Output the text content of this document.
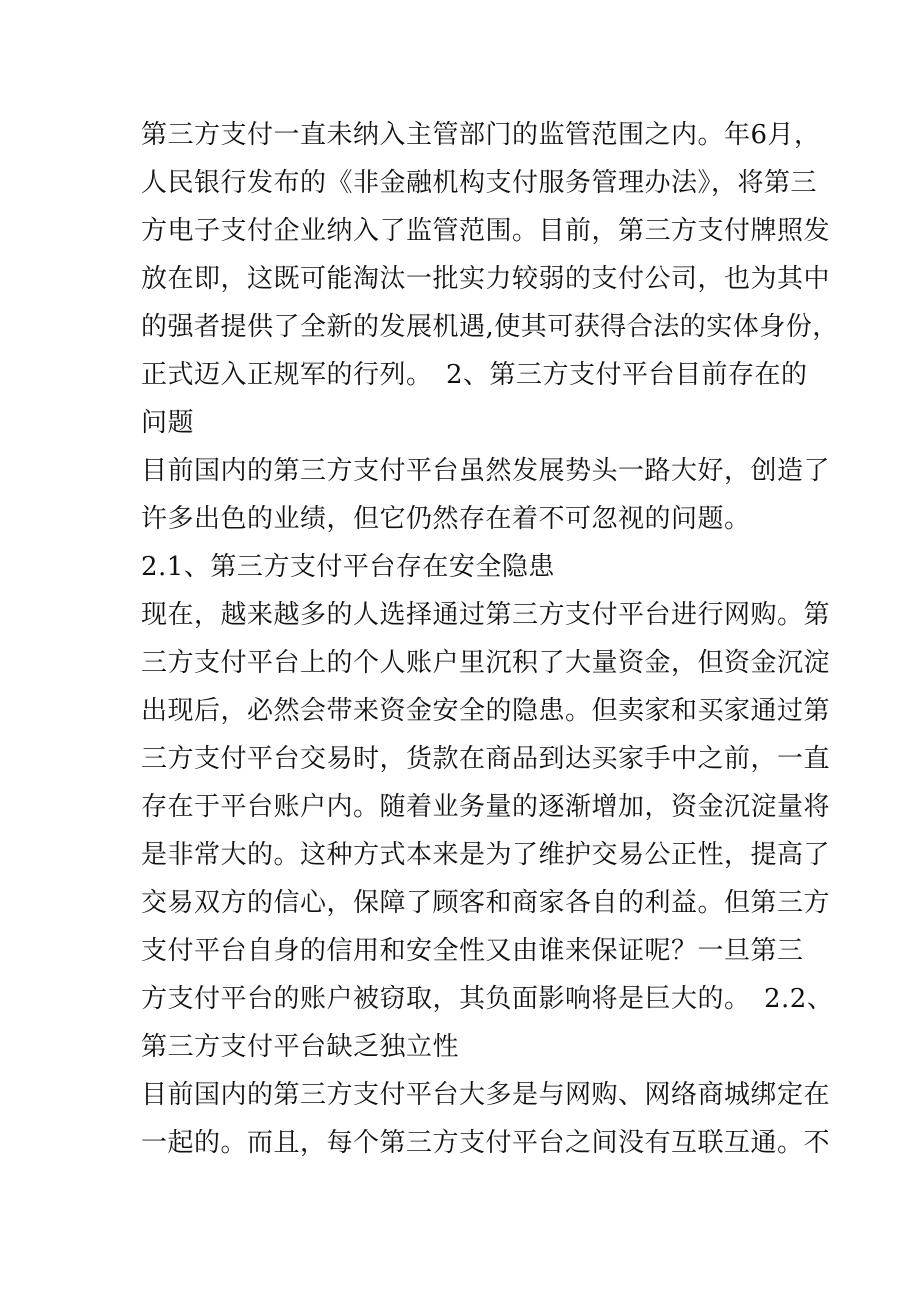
第三方支付一直未纳入主管部门的监管范围之内。年6月，
人民银行发布的《非金融机构支付服务管理办法》，将第三
方电子支付企业纳入了监管范围。目前，第三方支付牌照发
放在即，这既可能淘汰一批实力较弱的支付公司，也为其中
的强者提供了全新的发展机遇,使其可获得合法的实体身份，
正式迈入正规军的行列。　2、第三方支付平台目前存在的
问题
目前国内的第三方支付平台虽然发展势头一路大好，创造了
许多出色的业绩，但它仍然存在着不可忽视的问题。
2.1、第三方支付平台存在安全隐患
现在，越来越多的人选择通过第三方支付平台进行网购。第
三方支付平台上的个人账户里沉积了大量资金，但资金沉淀
出现后，必然会带来资金安全的隐患。但卖家和买家通过第
三方支付平台交易时，货款在商品到达买家手中之前，一直
存在于平台账户内。随着业务量的逐渐增加，资金沉淀量将
是非常大的。这种方式本来是为了维护交易公正性，提高了
交易双方的信心，保障了顾客和商家各自的利益。但第三方
支付平台自身的信用和安全性又由谁来保证呢？一旦第三
方支付平台的账户被窃取，其负面影响将是巨大的。　2.2、
第三方支付平台缺乏独立性
目前国内的第三方支付平台大多是与网购、网络商城绑定在
一起的。而且，每个第三方支付平台之间没有互联互通。不
